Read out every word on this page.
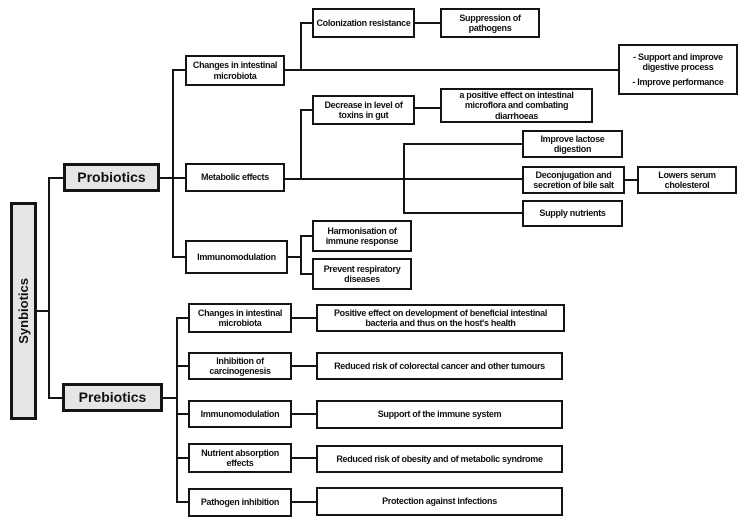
Synbiotics
Probiotics
Prebiotics
Changes in intestinal microbiota
Metabolic effects
Immunomodulation
Colonization resistance
Decrease in level of toxins in gut
Harmonisation of immune response
Prevent respiratory diseases
Suppression of pathogens
a positive effect on intestinal microflora and combating diarrhoeas
Improve lactose digestion
Deconjugation and secretion of bile salt
Lowers serum cholesterol
Supply nutrients
- Support and improve digestive process
- Improve performance
Changes in intestinal microbiota
Inhibition of carcinogenesis
Immunomodulation
Nutrient absorption effects
Pathogen inhibition
Positive effect on development of beneficial intestinal bacteria and thus on the host's health
Reduced risk of colorectal cancer and other tumours
Support of the immune system
Reduced risk of obesity and of metabolic syndrome
Protection against infections
